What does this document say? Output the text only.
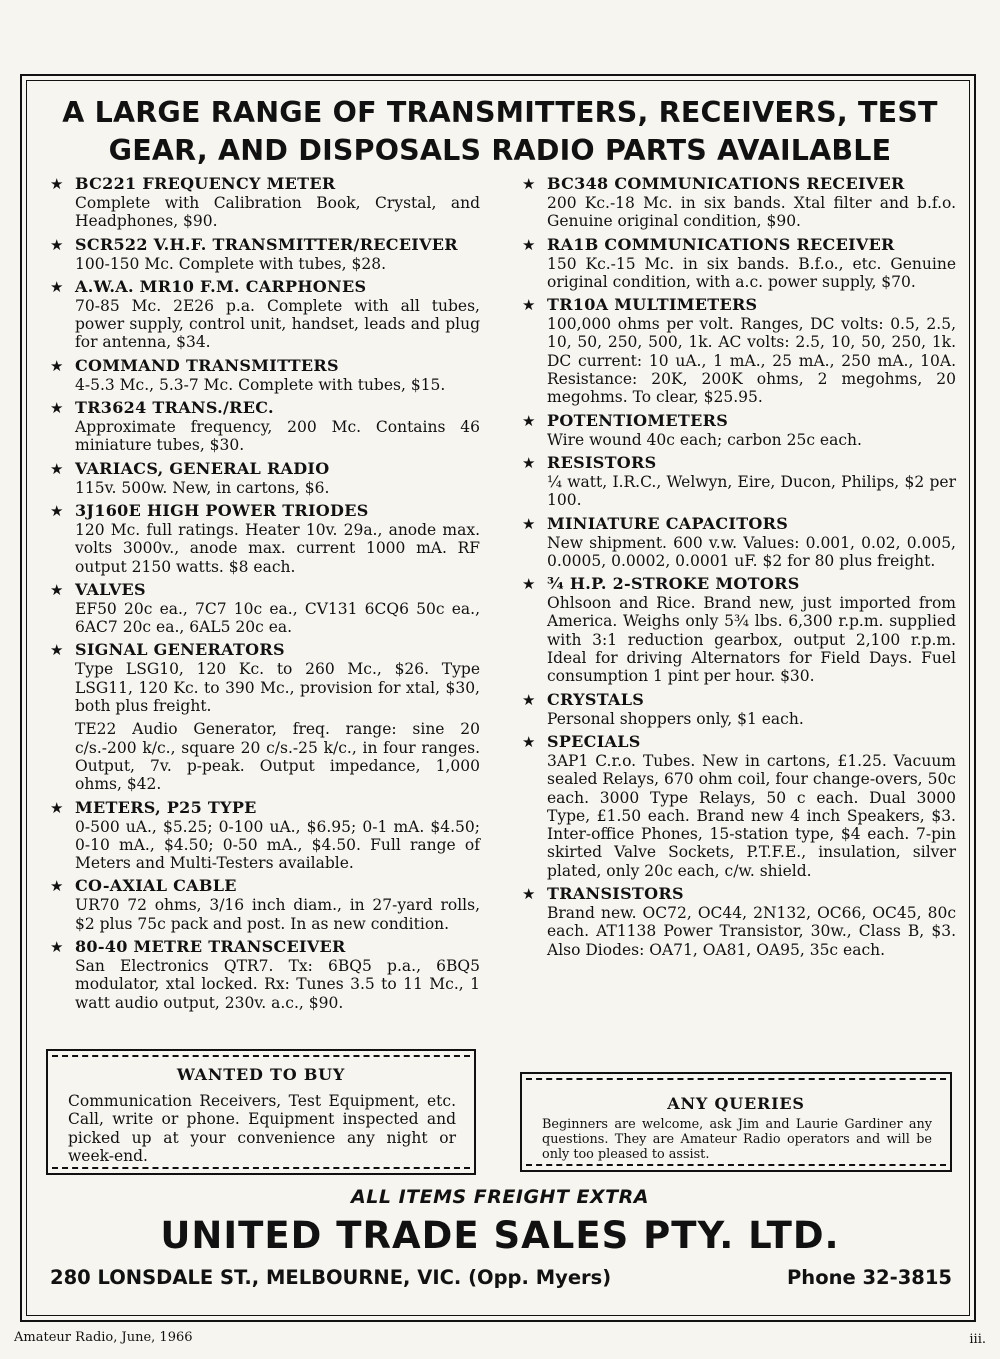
A LARGE RANGE OF TRANSMITTERS, RECEIVERS, TEST
GEAR, AND DISPOSALS RADIO PARTS AVAILABLE
★ BC221 FREQUENCY METER

Complete with Calibration Book, Crystal, and Headphones, $90.

★ SCR522 V.H.F. TRANSMITTER/RECEIVER

100-150 Mc. Complete with tubes, $28.

★ A.W.A. MR10 F.M. CARPHONES

70-85 Mc. 2E26 p.a. Complete with all tubes, power supply, control unit, handset, leads and plug for antenna, $34.

★ COMMAND TRANSMITTERS

4-5.3 Mc., 5.3-7 Mc. Complete with tubes, $15.

★ TR3624 TRANS./REC.

Approximate frequency, 200 Mc. Contains 46 miniature tubes, $30.

★ VARIACS, GENERAL RADIO

115v. 500w. New, in cartons, $6.

★ 3J160E HIGH POWER TRIODES

120 Mc. full ratings. Heater 10v. 29a., anode max. volts 3000v., anode max. current 1000 mA. RF output 2150 watts. $8 each.

★ VALVES

EF50 20c ea., 7C7 10c ea., CV131 6CQ6 50c ea., 6AC7 20c ea., 6AL5 20c ea.

★ SIGNAL GENERATORS

Type LSG10, 120 Kc. to 260 Mc., $26. Type LSG11, 120 Kc. to 390 Mc., provision for xtal, $30, both plus freight.

TE22 Audio Generator, freq. range: sine 20 c/s.-200 k/c., square 20 c/s.-25 k/c., in four ranges. Output, 7v. p-peak. Output impedance, 1,000 ohms, $42.

★ METERS, P25 TYPE

0-500 uA., $5.25; 0-100 uA., $6.95; 0-1 mA. $4.50; 0-10 mA., $4.50; 0-50 mA., $4.50. Full range of Meters and Multi-Testers available.

★ CO-AXIAL CABLE

UR70 72 ohms, 3/16 inch diam., in 27-yard rolls, $2 plus 75c pack and post. In as new condition.

★ 80-40 METRE TRANSCEIVER

San Electronics QTR7. Tx: 6BQ5 p.a., 6BQ5 modulator, xtal locked. Rx: Tunes 3.5 to 11 Mc., 1 watt audio output, 230v. a.c., $90.

★ BC348 COMMUNICATIONS RECEIVER

200 Kc.-18 Mc. in six bands. Xtal filter and b.f.o. Genuine original condition, $90.

★ RA1B COMMUNICATIONS RECEIVER

150 Kc.-15 Mc. in six bands. B.f.o., etc. Genuine original condition, with a.c. power supply, $70.

★ TR10A MULTIMETERS

100,000 ohms per volt. Ranges, DC volts: 0.5, 2.5, 10, 50, 250, 500, 1k. AC volts: 2.5, 10, 50, 250, 1k. DC current: 10 uA., 1 mA., 25 mA., 250 mA., 10A. Resistance: 20K, 200K ohms, 2 megohms, 20 megohms. To clear, $25.95.

★ POTENTIOMETERS

Wire wound 40c each; carbon 25c each.

★ RESISTORS

¼ watt, I.R.C., Welwyn, Eire, Ducon, Philips, $2 per 100.

★ MINIATURE CAPACITORS

New shipment. 600 v.w. Values: 0.001, 0.02, 0.005, 0.0005, 0.0002, 0.0001 uF. $2 for 80 plus freight.

★ ¾ H.P. 2-STROKE MOTORS

Ohlsoon and Rice. Brand new, just imported from America. Weighs only 5¾ lbs. 6,300 r.p.m. supplied with 3:1 reduction gearbox, output 2,100 r.p.m. Ideal for driving Alternators for Field Days. Fuel consumption 1 pint per hour. $30.

★ CRYSTALS

Personal shoppers only, $1 each.

★ SPECIALS

3AP1 C.r.o. Tubes. New in cartons, £1.25. Vacuum sealed Relays, 670 ohm coil, four change-overs, 50c each. 3000 Type Relays, 50 c each. Dual 3000 Type, £1.50 each. Brand new 4 inch Speakers, $3. Inter-office Phones, 15-station type, $4 each. 7-pin skirted Valve Sockets, P.T.F.E., insulation, silver plated, only 20c each, c/w. shield.

★ TRANSISTORS

Brand new. OC72, OC44, 2N132, OC66, OC45, 80c each. AT1138 Power Transistor, 30w., Class B, $3. Also Diodes: OA71, OA81, OA95, 35c each.

WANTED TO BUY
Communication Receivers, Test Equipment, etc. Call, write or phone. Equipment inspected and picked up at your convenience any night or week-end.
ANY QUERIES
Beginners are welcome, ask Jim and Laurie Gardiner any questions. They are Amateur Radio operators and will be only too pleased to assist.
ALL ITEMS FREIGHT EXTRA
UNITED TRADE SALES PTY. LTD.
280 LONSDALE ST., MELBOURNE, VIC. (Opp. Myers)	Phone 32-3815
Amateur Radio, June, 1966	iii.
